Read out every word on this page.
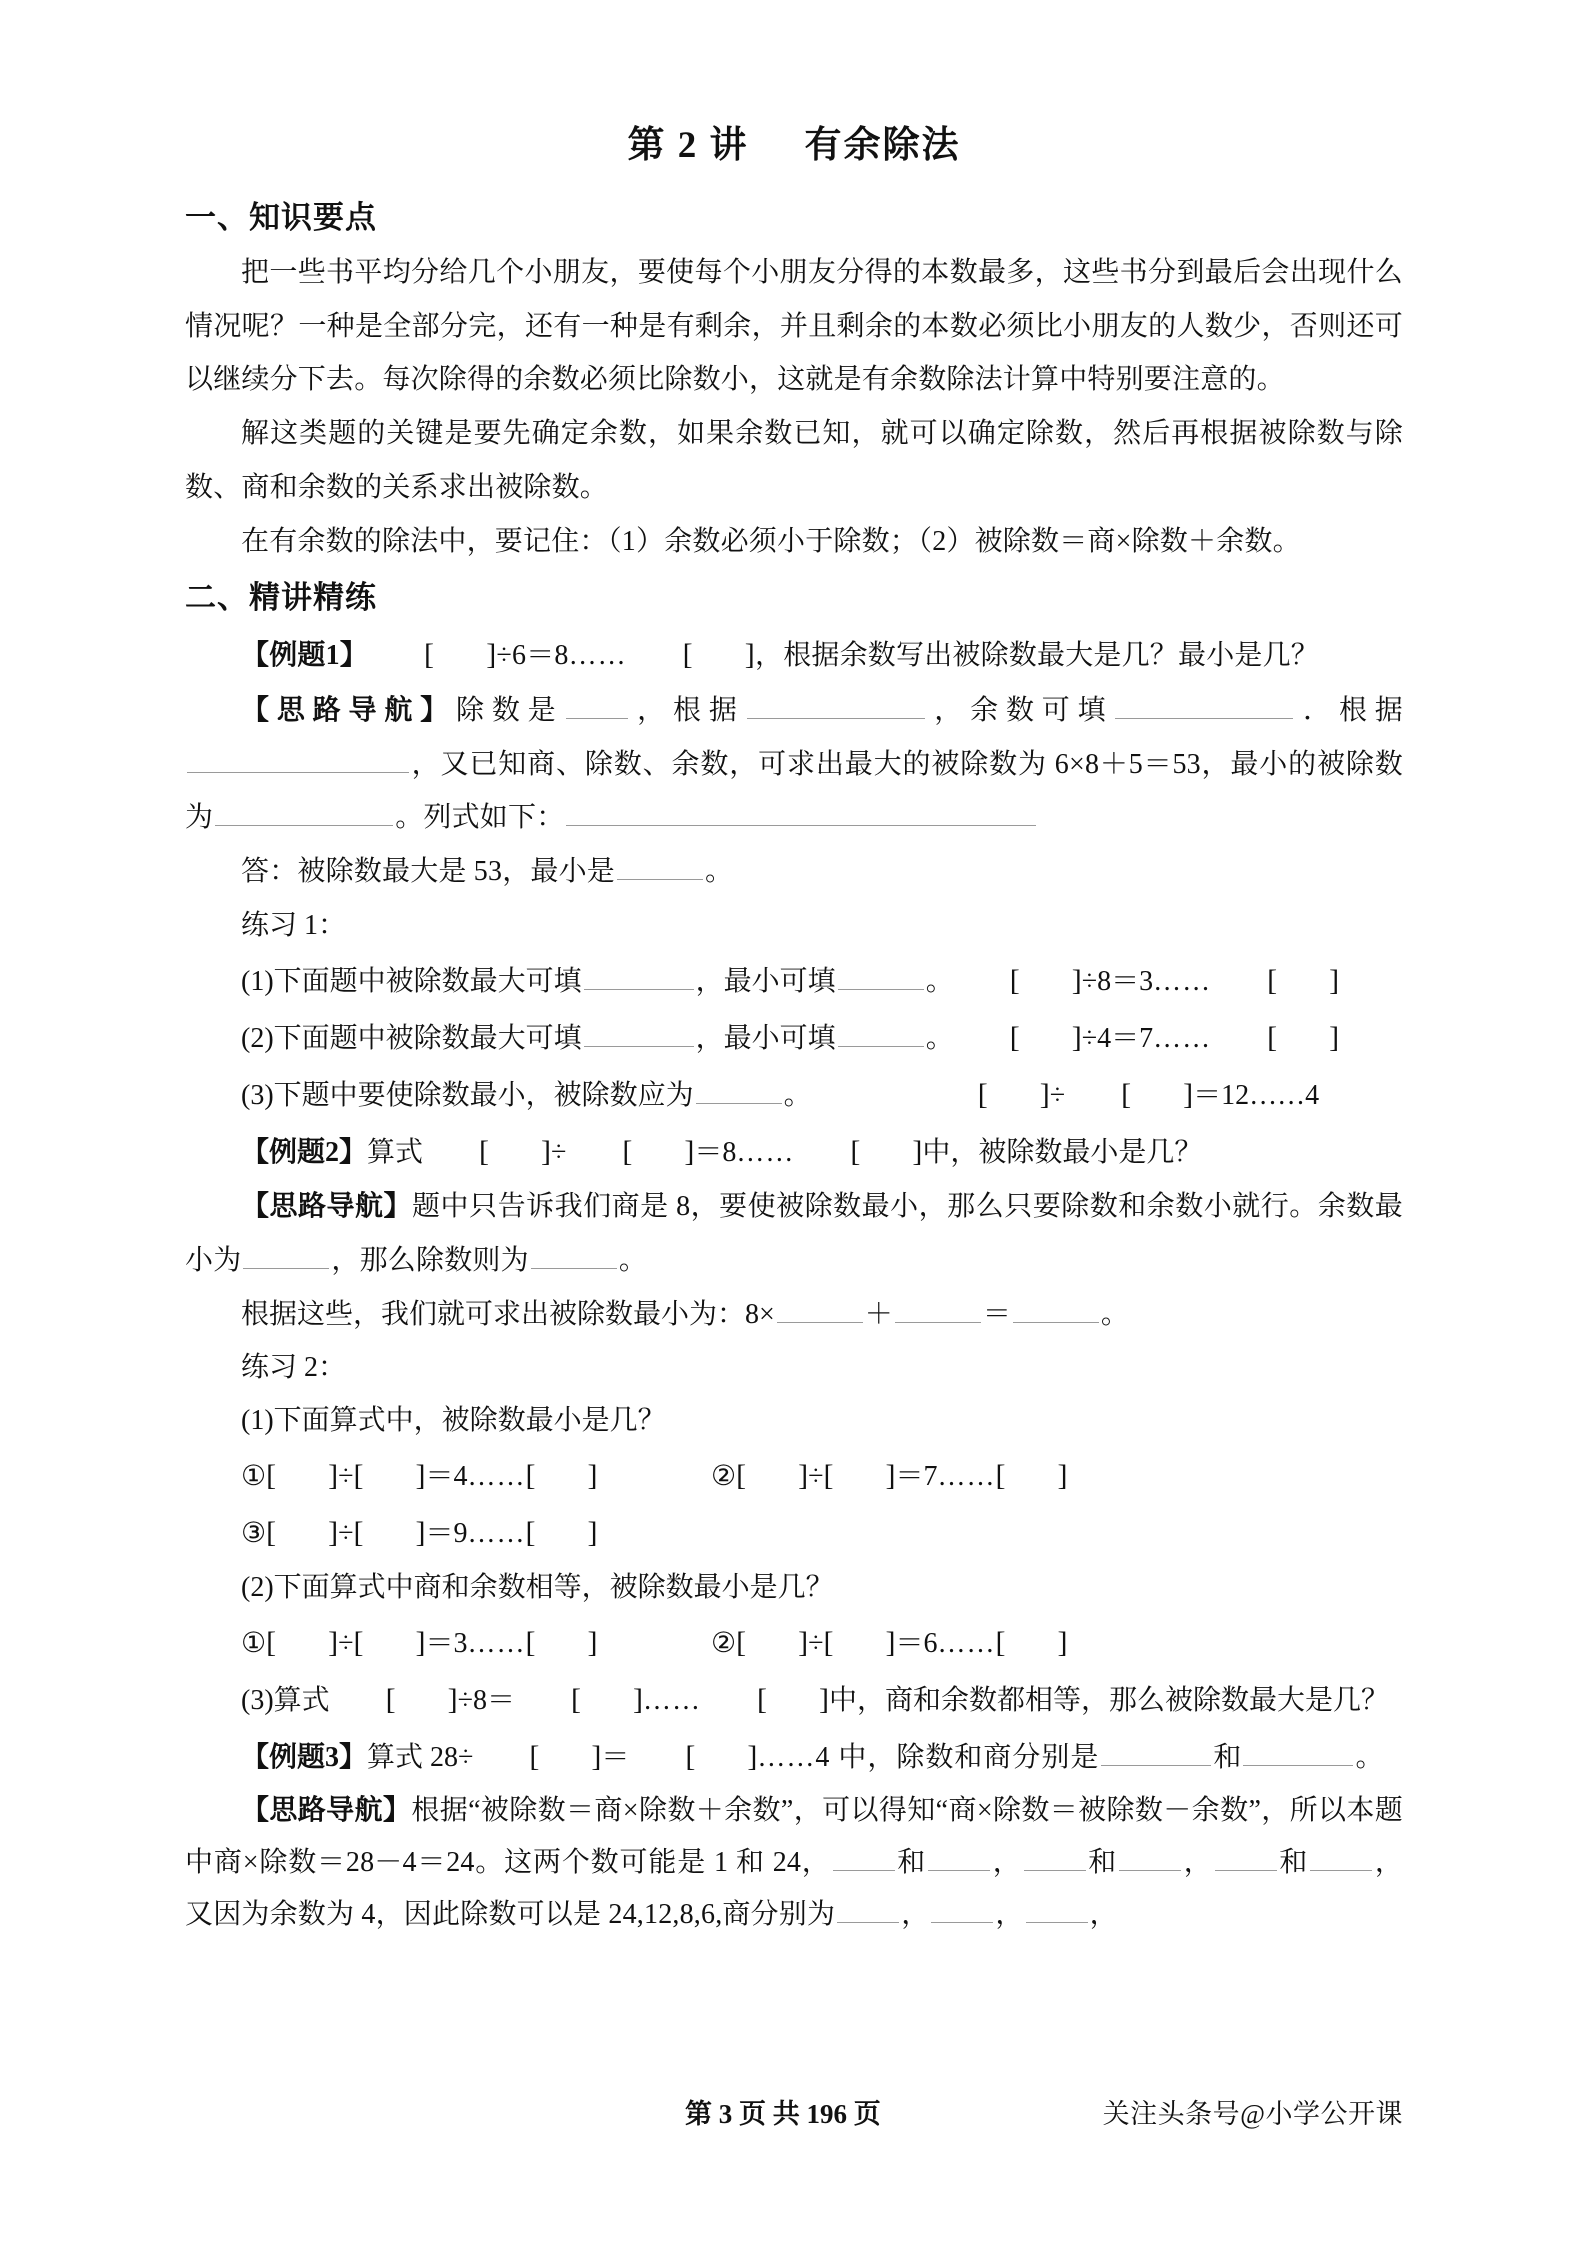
第 2 讲 有余除法
一、知识要点

把一些书平均分给几个小朋友，要使每个小朋友分得的本数最多，这些书分到最后会出现什么情况呢？一种是全部分完，还有一种是有剩余，并且剩余的本数必须比小朋友的人数少，否则还可以继续分下去。每次除得的余数必须比除数小，这就是有余数除法计算中特别要注意的。

解这类题的关键是要先确定余数，如果余数已知，就可以确定除数，然后再根据被除数与除数、商和余数的关系求出被除数。

在有余数的除法中，要记住：（1）余数必须小于除数；（2）被除数＝商×除数＋余数。

二、精讲精练

【例题1】 [ ]÷6＝8…… [ ]，根据余数写出被除数最大是几？最小是几？

【思路导航】除数是 ，根据	，余数可填	．根据，又已知商、除数、余数，可求出最大的被除数为 6×8＋5＝53，最小的被除数为	。列式如下：

答：被除数最大是 53，最小是	。

练习 1：

(1)下面题中被除数最大可填	，最小可填	。 [ ]÷8＝3…… [ ]

(2)下面题中被除数最大可填	，最小可填	。 [ ]÷4＝7…… [ ]

(3)下题中要使除数最小，被除数应为	。	[ ]÷ [ ]＝12……4

【例题2】算式 [ ]÷ [ ]＝8…… [ ]中，被除数最小是几？

【思路导航】题中只告诉我们商是 8，要使被除数最小，那么只要除数和余数小就行。余数最小为	，那么除数则为	。

根据这些，我们就可求出被除数最小为：8×	＋	＝	。

练习 2：

(1)下面算式中，被除数最小是几？

①[ ]÷[ ]＝4……[ ]	②[ ]÷[ ]＝7……[ ]
③[ ]÷[ ]＝9……[ ]

(2)下面算式中商和余数相等，被除数最小是几？

①[ ]÷[ ]＝3……[ ]	②[ ]÷[ ]＝6……[ ]

(3)算式 [ ]÷8＝ [ ]…… [ ]中，商和余数都相等，那么被除数最大是几？

【例题3】算式 28÷ [ ]＝ [ ]……4 中，除数和商分别是	和	。

【思路导航】根据“被除数＝商×除数＋余数”，可以得知“商×除数＝被除数－余数”，所以本题中商×除数＝28－4＝24。这两个数可能是 1 和 24， 和 ， 和 ， 和 ，又因为余数为 4，因此除数可以是 24,12,8,6,商分别为 ， ， ，

第 3 页 共 196 页	关注头条号@小学公开课
